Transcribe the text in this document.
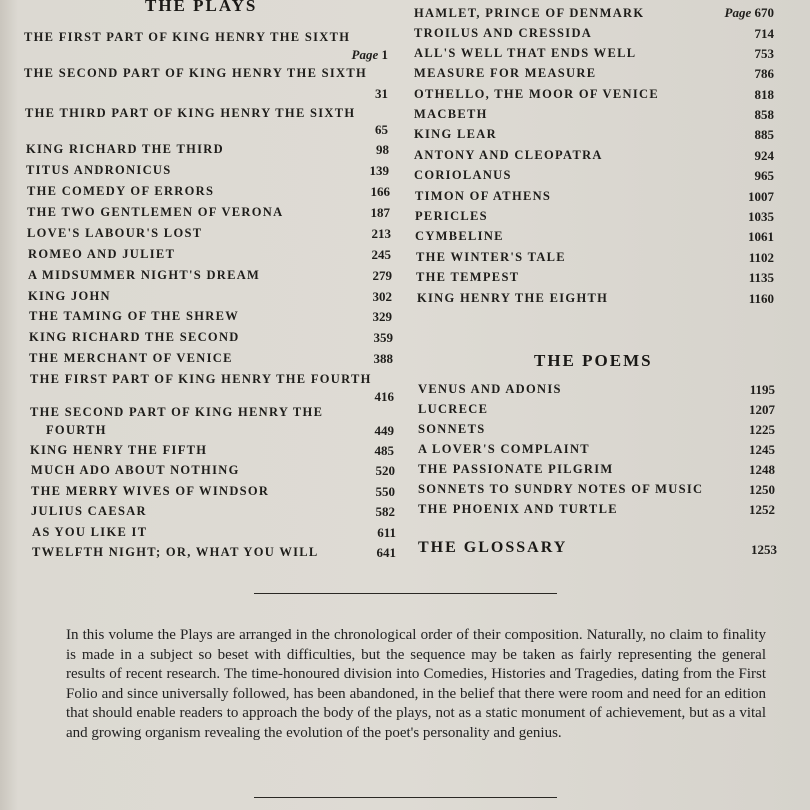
THE PLAYS
THE FIRST PART OF KING HENRY THE SIXTH
Page 1
THE SECOND PART OF KING HENRY THE SIXTH
31
THE THIRD PART OF KING HENRY THE SIXTH
65
KING RICHARD THE THIRD	98
TITUS ANDRONICUS	139
THE COMEDY OF ERRORS	166
THE TWO GENTLEMEN OF VERONA	187
LOVE'S LABOUR'S LOST	213
ROMEO AND JULIET	245
A MIDSUMMER NIGHT'S DREAM	279
KING JOHN	302
THE TAMING OF THE SHREW	329
KING RICHARD THE SECOND	359
THE MERCHANT OF VENICE	388
THE FIRST PART OF KING HENRY THE FOURTH
416
THE SECOND PART OF KING HENRY THE
FOURTH	449
KING HENRY THE FIFTH	485
MUCH ADO ABOUT NOTHING	520
THE MERRY WIVES OF WINDSOR	550
JULIUS CAESAR	582
AS YOU LIKE IT	611
TWELFTH NIGHT; OR, WHAT YOU WILL	641
HAMLET, PRINCE OF DENMARK	Page 670
TROILUS AND CRESSIDA	714
ALL'S WELL THAT ENDS WELL	753
MEASURE FOR MEASURE	786
OTHELLO, THE MOOR OF VENICE	818
MACBETH	858
KING LEAR	885
ANTONY AND CLEOPATRA	924
CORIOLANUS	965
TIMON OF ATHENS	1007
PERICLES	1035
CYMBELINE	1061
THE WINTER'S TALE	1102
THE TEMPEST	1135
KING HENRY THE EIGHTH	1160
THE POEMS
VENUS AND ADONIS	1195
LUCRECE	1207
SONNETS	1225
A LOVER'S COMPLAINT	1245
THE PASSIONATE PILGRIM	1248
SONNETS TO SUNDRY NOTES OF MUSIC	1250
THE PHOENIX AND TURTLE	1252
THE GLOSSARY	1253
In this volume the Plays are arranged in the chronological order of their composition. Naturally, no claim to finality is made in a subject so beset with difficulties, but the sequence may be taken as fairly representing the general results of recent research. The time-honoured division into Comedies, Histories and Tragedies, dating from the First Folio and since universally followed, has been abandoned, in the belief that there were room and need for an edition that should enable readers to approach the body of the plays, not as a static monument of achievement, but as a vital and growing organism revealing the evolution of the poet's personality and genius.
